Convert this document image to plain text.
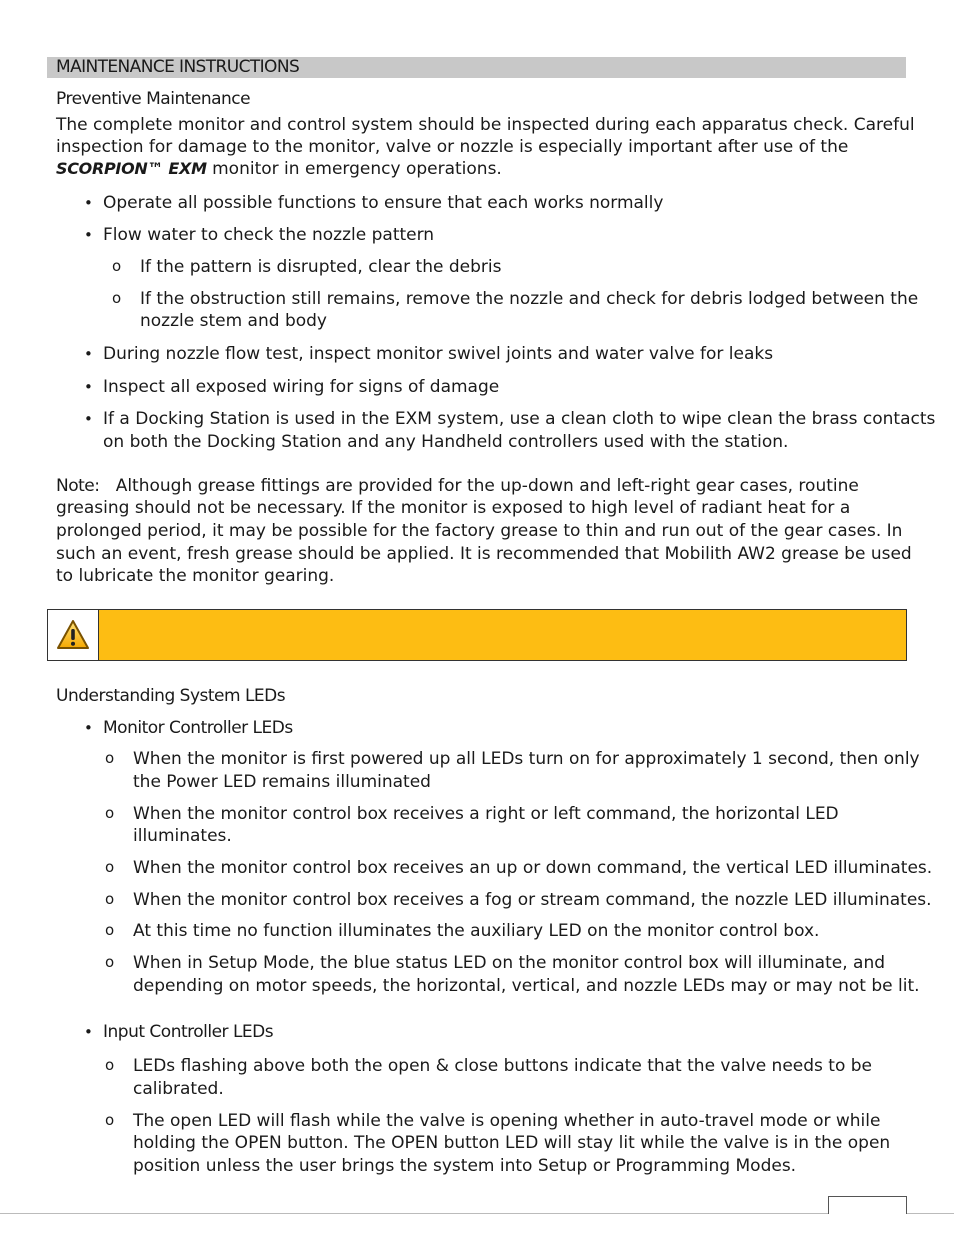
MAINTENANCE INSTRUCTIONS
Preventive Maintenance
The complete monitor and control system should be inspected during each apparatus check. Careful
inspection for damage to the monitor, valve or nozzle is especially important after use of the
SCORPION™ EXM monitor in emergency operations.
• Operate all possible functions to ensure that each works normally
• Flow water to check the nozzle pattern
o If the pattern is disrupted, clear the debris
o If the obstruction still remains, remove the nozzle and check for debris lodged between the
nozzle stem and body
• During nozzle flow test, inspect monitor swivel joints and water valve for leaks
• Inspect all exposed wiring for signs of damage
• If a Docking Station is used in the EXM system, use a clean cloth to wipe clean the brass contacts
on both the Docking Station and any Handheld controllers used with the station.
Note: Although grease fittings are provided for the up-down and left-right gear cases, routine
greasing should not be necessary. If the monitor is exposed to high level of radiant heat for a
prolonged period, it may be possible for the factory grease to thin and run out of the gear cases. In
such an event, fresh grease should be applied. It is recommended that Mobilith AW2 grease be used
to lubricate the monitor gearing.
Understanding System LEDs
• Monitor Controller LEDs
o When the monitor is first powered up all LEDs turn on for approximately 1 second, then only
the Power LED remains illuminated
o When the monitor control box receives a right or left command, the horizontal LED
illuminates.
o When the monitor control box receives an up or down command, the vertical LED illuminates.
o When the monitor control box receives a fog or stream command, the nozzle LED illuminates.
o At this time no function illuminates the auxiliary LED on the monitor control box.
o When in Setup Mode, the blue status LED on the monitor control box will illuminate, and
depending on motor speeds, the horizontal, vertical, and nozzle LEDs may or may not be lit.
• Input Controller LEDs
o LEDs flashing above both the open & close buttons indicate that the valve needs to be
calibrated.
o The open LED will flash while the valve is opening whether in auto-travel mode or while
holding the OPEN button. The OPEN button LED will stay lit while the valve is in the open
position unless the user brings the system into Setup or Programming Modes.
